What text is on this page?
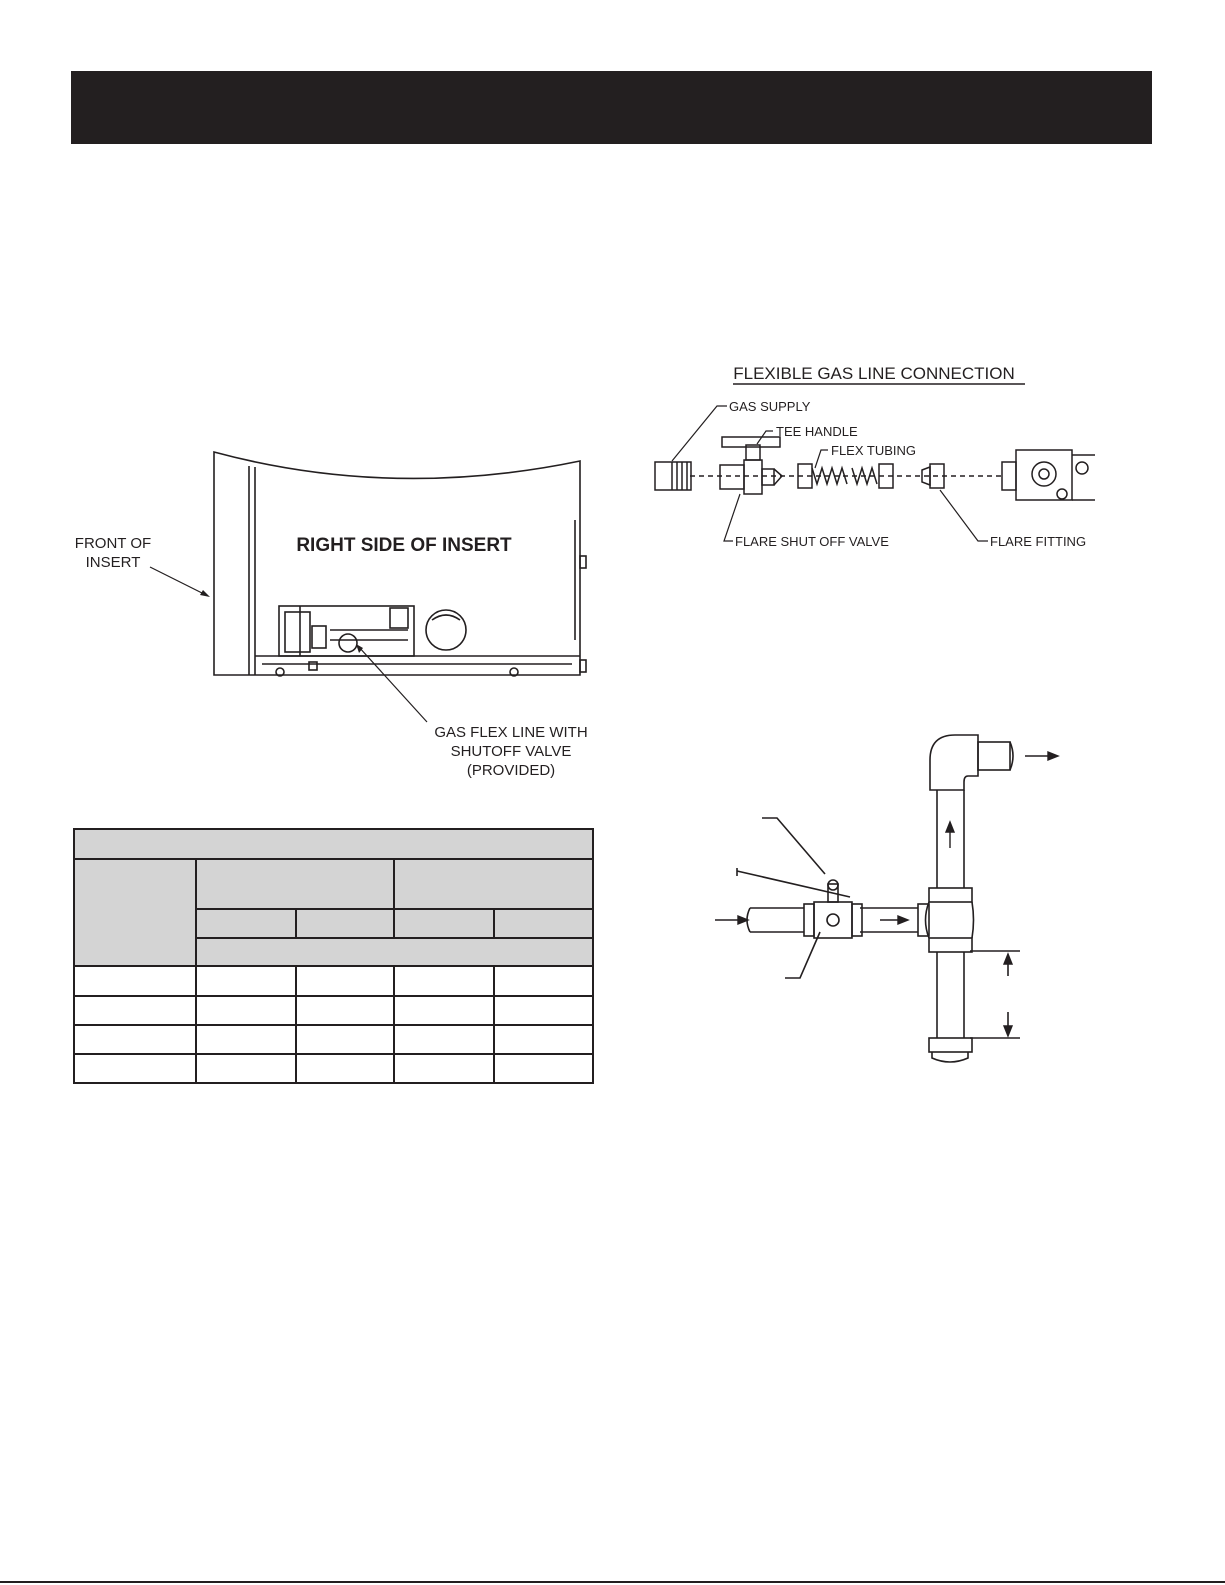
FRONT OF
INSERT
RIGHT SIDE OF INSERT
GAS FLEX LINE WITH
SHUTOFF VALVE
(PROVIDED)
FLEXIBLE GAS LINE CONNECTION
GAS SUPPLY
TEE HANDLE
FLEX TUBING
FLARE SHUT OFF VALVE	FLARE FITTING
